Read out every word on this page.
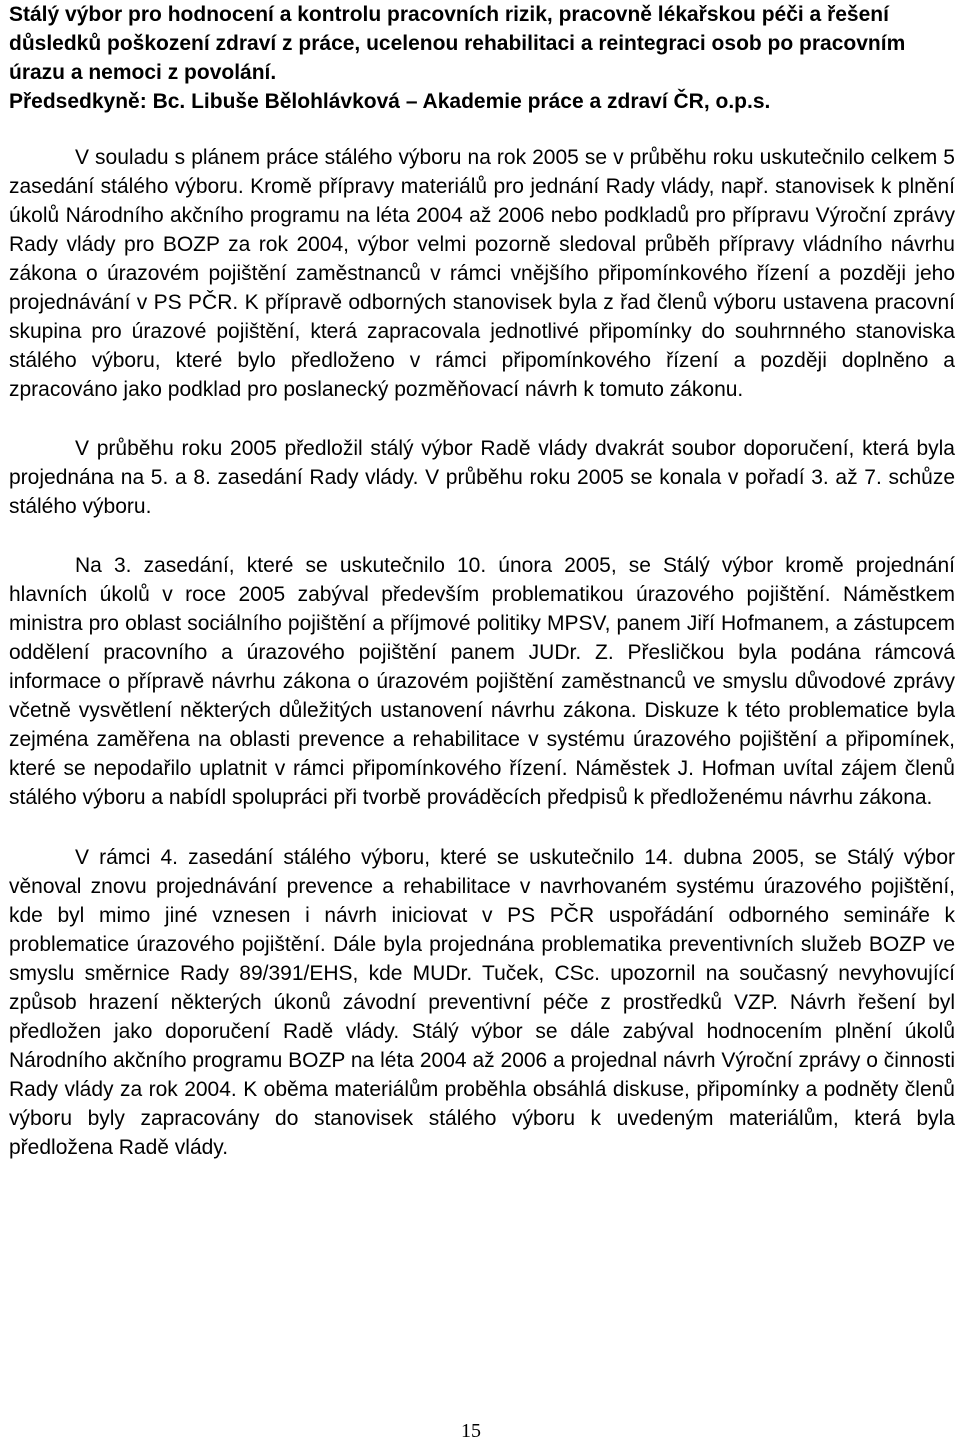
Stálý výbor pro hodnocení a kontrolu pracovních rizik, pracovně lékařskou péči a řešení důsledků poškození zdraví z práce, ucelenou rehabilitaci a reintegraci osob po pracovním úrazu a nemoci z povolání.
Předsedkyně: Bc. Libuše Bělohlávková – Akademie práce a zdraví ČR, o.p.s.

V souladu s plánem práce stálého výboru na rok 2005 se v průběhu roku uskutečnilo celkem 5 zasedání stálého výboru. Kromě přípravy materiálů pro jednání Rady vlády, např. stanovisek k plnění úkolů Národního akčního programu na léta 2004 až 2006 nebo podkladů pro přípravu Výroční zprávy Rady vlády pro BOZP za rok 2004, výbor velmi pozorně sledoval průběh přípravy vládního návrhu zákona o úrazovém pojištění zaměstnanců v rámci vnějšího připomínkového řízení a později jeho projednávání v PS PČR. K přípravě odborných stanovisek byla z řad členů výboru ustavena pracovní skupina pro úrazové pojištění, která zapracovala jednotlivé připomínky do souhrnného stanoviska stálého výboru, které bylo předloženo v rámci připomínkového řízení a později doplněno a zpracováno jako podklad pro poslanecký pozměňovací návrh k tomuto zákonu.

V průběhu roku 2005 předložil stálý výbor Radě vlády dvakrát soubor doporučení, která byla projednána na 5. a 8. zasedání Rady vlády. V průběhu roku 2005 se konala v pořadí 3. až 7. schůze stálého výboru.

Na 3. zasedání, které se uskutečnilo 10. února 2005, se Stálý výbor kromě projednání hlavních úkolů v roce 2005 zabýval především problematikou úrazového pojištění. Náměstkem ministra pro oblast sociálního pojištění a příjmové politiky MPSV, panem Jiří Hofmanem, a zástupcem oddělení pracovního a úrazového pojištění panem JUDr. Z. Přesličkou byla podána rámcová informace o přípravě návrhu zákona o úrazovém pojištění zaměstnanců ve smyslu důvodové zprávy včetně vysvětlení některých důležitých ustanovení návrhu zákona. Diskuze k této problematice byla zejména zaměřena na oblasti prevence a rehabilitace v systému úrazového pojištění a připomínek, které se nepodařilo uplatnit v rámci připomínkového řízení. Náměstek J. Hofman uvítal zájem členů stálého výboru a nabídl spolupráci při tvorbě prováděcích předpisů k předloženému návrhu zákona.

V rámci 4. zasedání stálého výboru, které se uskutečnilo 14. dubna 2005, se Stálý výbor věnoval znovu projednávání prevence a rehabilitace v navrhovaném systému úrazového pojištění, kde byl mimo jiné vznesen i návrh iniciovat v PS PČR uspořádání odborného semináře k problematice úrazového pojištění. Dále byla projednána problematika preventivních služeb BOZP ve smyslu směrnice Rady 89/391/EHS, kde MUDr. Tuček, CSc. upozornil na současný nevyhovující způsob hrazení některých úkonů závodní preventivní péče z prostředků VZP. Návrh řešení byl předložen jako doporučení Radě vlády. Stálý výbor se dále zabýval hodnocením plnění úkolů Národního akčního programu BOZP na léta 2004 až 2006 a projednal návrh Výroční zprávy o činnosti Rady vlády za rok 2004. K oběma materiálům proběhla obsáhlá diskuse, připomínky a podněty členů výboru byly zapracovány do stanovisek stálého výboru k uvedeným materiálům, která byla předložena Radě vlády.

15
